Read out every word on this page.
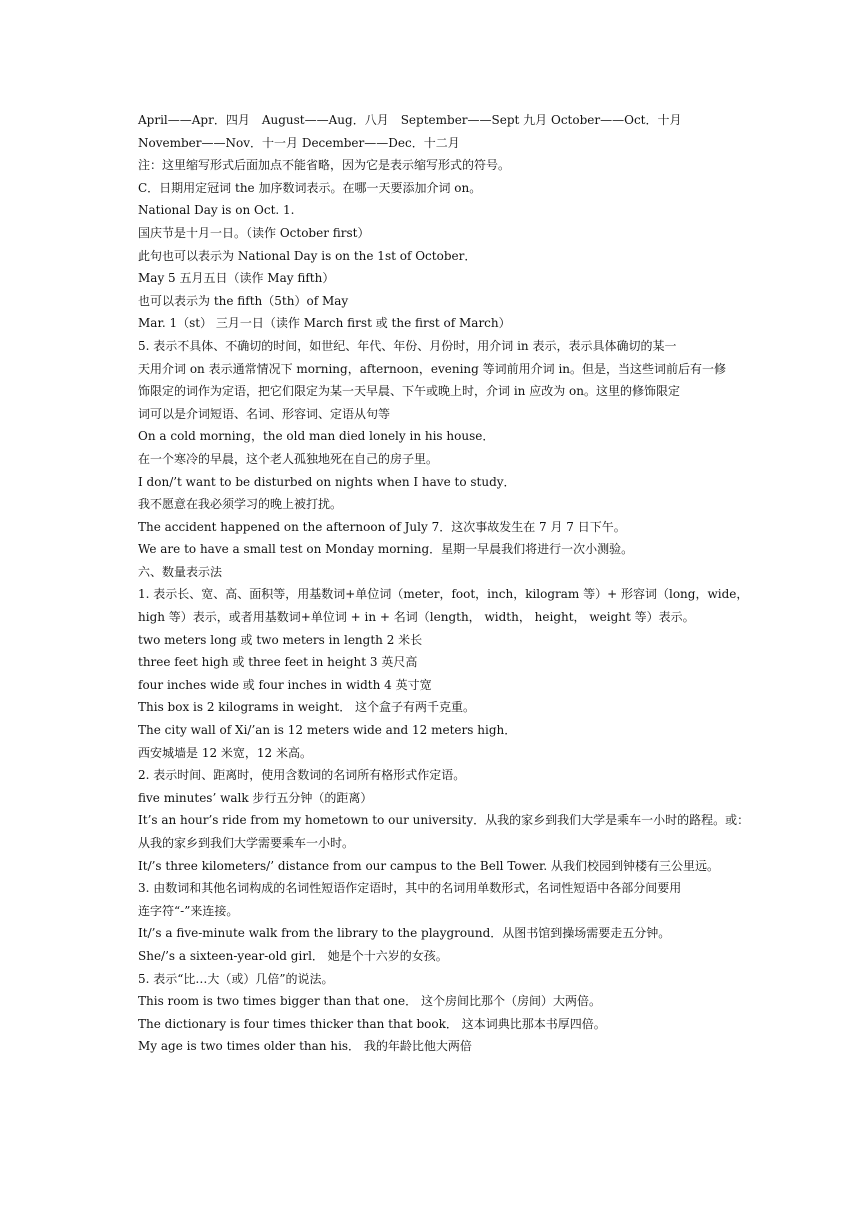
April——Apr．四月　August——Aug．八月　September——Sept 九月 October——Oct．十月
November——Nov．十一月 December——Dec．十二月
注：这里缩写形式后面加点不能省略，因为它是表示缩写形式的符号。
C．日期用定冠词 the 加序数词表示。在哪一天要添加介词 on。
National Day is on Oct. 1.
国庆节是十月一日。（读作 October first）
此句也可以表示为 National Day is on the 1st of October．
May 5 五月五日（读作 May fifth）
也可以表示为 the fifth（5th）of May
Mar. 1（st） 三月一日（读作 March first 或 the first of March）
5. 表示不具体、不确切的时间，如世纪、年代、年份、月份时，用介词 in 表示，表示具体确切的某一
天用介词 on 表示通常情况下 morning，afternoon，evening 等词前用介词 in。但是，当这些词前后有一修
饰限定的词作为定语，把它们限定为某一天早晨、下午或晚上时，介词 in 应改为 on。这里的修饰限定
词可以是介词短语、名词、形容词、定语从句等
On a cold morning，the old man died lonely in his house．
在一个寒冷的早晨，这个老人孤独地死在自己的房子里。
I don/’t want to be disturbed on nights when I have to study．
我不愿意在我必须学习的晚上被打扰。
The accident happened on the afternoon of July 7．这次事故发生在 7 月 7 日下午。
We are to have a small test on Monday morning．星期一早晨我们将进行一次小测验。
六、数量表示法
1. 表示长、宽、高、面积等，用基数词+单位词（meter，foot，inch，kilogram 等）+ 形容词（long，wide，
high 等）表示，或者用基数词+单位词 + in + 名词（length， width， height， weight 等）表示。
two meters long 或 two meters in length 2 米长
three feet high 或 three feet in height 3 英尺高
four inches wide 或 four inches in width 4 英寸宽
This box is 2 kilograms in weight． 这个盒子有两千克重。
The city wall of Xi/’an is 12 meters wide and 12 meters high．
西安城墙是 12 米宽，12 米高。
2. 表示时间、距离时，使用含数词的名词所有格形式作定语。
five minutes’ walk 步行五分钟（的距离）
It’s an hour’s ride from my hometown to our university．从我的家乡到我们大学是乘车一小时的路程。或：
从我的家乡到我们大学需要乘车一小时。
It/’s three kilometers/’ distance from our campus to the Bell Tower. 从我们校园到钟楼有三公里远。
3. 由数词和其他名词构成的名词性短语作定语时，其中的名词用单数形式，名词性短语中各部分间要用
连字符“-”来连接。
It/’s a five-minute walk from the library to the playground．从图书馆到操场需要走五分钟。
She/’s a sixteen-year-old girl． 她是个十六岁的女孩。
5. 表示“比…大（或）几倍”的说法。
This room is two times bigger than that one． 这个房间比那个（房间）大两倍。
The dictionary is four times thicker than that book． 这本词典比那本书厚四倍。
My age is two times older than his． 我的年龄比他大两倍
